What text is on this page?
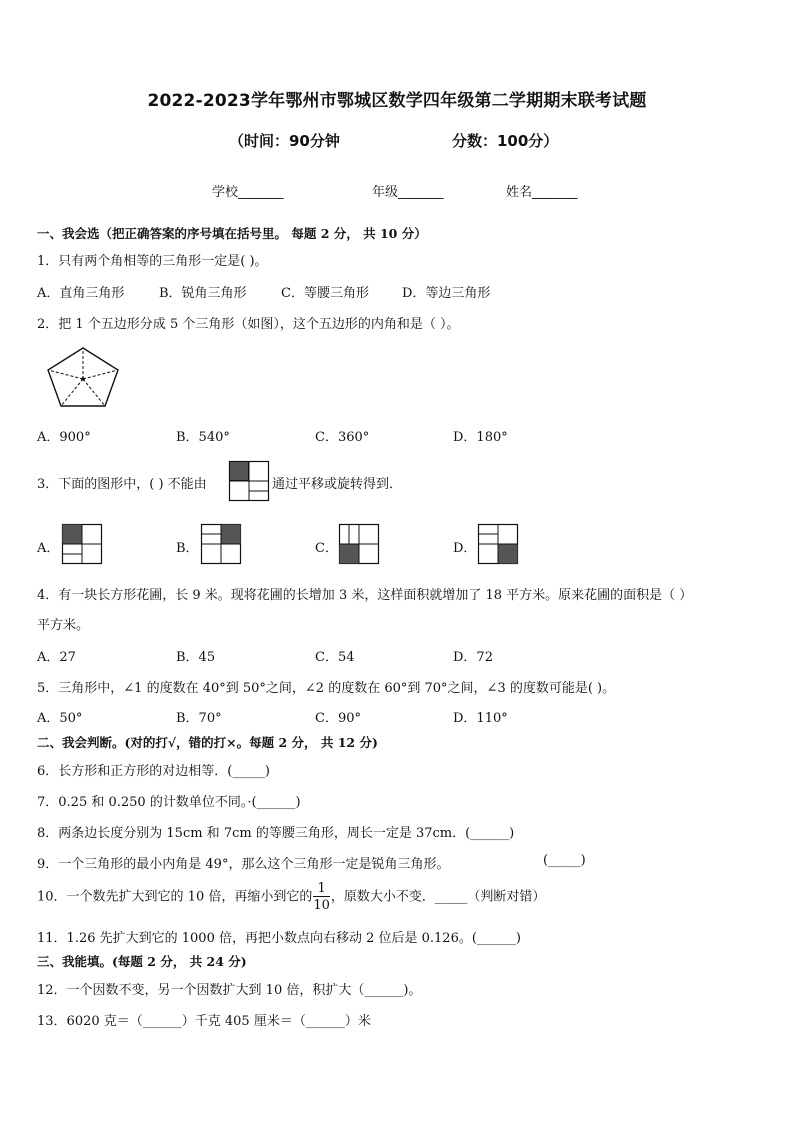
2022-2023学年鄂州市鄂城区数学四年级第二学期期末联考试题
（时间：90分钟	分数：100分）
学校_______	年级_______	姓名_______
一、我会选（把正确答案的序号填在括号里。 每题 2 分， 共 10 分）
1．只有两个角相等的三角形一定是( )。
A．直角三角形	B．锐角三角形	C．等腰三角形	D．等边三角形
2．把 1 个五边形分成 5 个三角形（如图），这个五边形的内角和是（ ）。
A．900°	B．540°	C．360°	D．180°
3．下面的图形中，( ) 不能由	通过平移或旋转得到．
A．	B．	C．	D．
4．有一块长方形花圃，长 9 米。现将花圃的长增加 3 米，这样面积就增加了 18 平方米。原来花圃的面积是（ ）
平方米。
A．27	B．45	C．54	D．72
5．三角形中，∠1 的度数在 40°到 50°之间，∠2 的度数在 60°到 70°之间，∠3 的度数可能是( )。
A．50°	B．70°	C．90°	D．110°
二、我会判断。(对的打√，错的打×。每题 2 分， 共 12 分)
6．长方形和正方形的对边相等．(_____)
7．0.25 和 0.250 的计数单位不同。·(______)
8．两条边长度分别为 15cm 和 7cm 的等腰三角形，周长一定是 37cm．(______)
9．一个三角形的最小内角是 49°，那么这个三角形一定是锐角三角形。	(_____)
10．一个数先扩大到它的 10 倍，再缩小到它的 $\frac{1}{10}$ ，原数大小不变．_____（判断对错）
11．1.26 先扩大到它的 1000 倍，再把小数点向右移动 2 位后是 0.126。(______)
三、我能填。(每题 2 分， 共 24 分)
12．一个因数不变，另一个因数扩大到 10 倍，积扩大（______)。
13．6020 克＝（______）千克 405 厘米＝（______）米
